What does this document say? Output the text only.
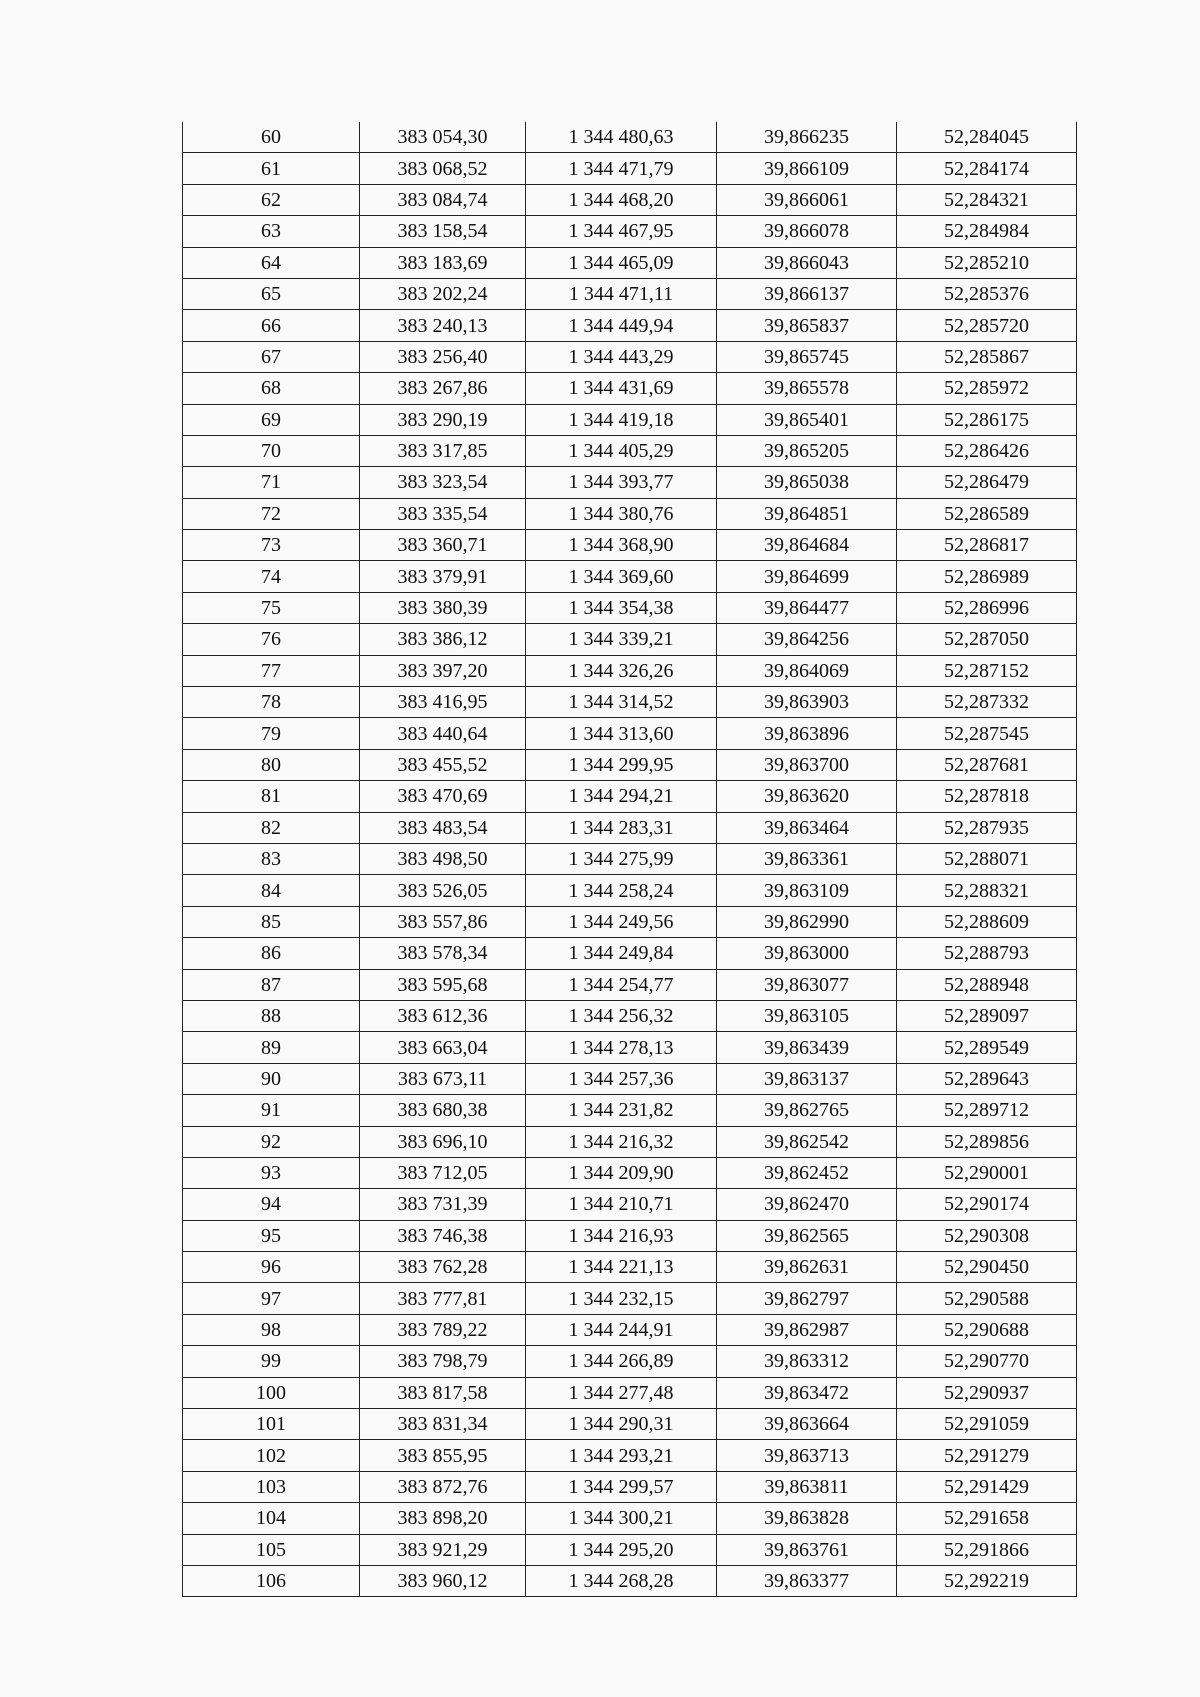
60	383 054,30	1 344 480,63	39,866235	52,284045
61	383 068,52	1 344 471,79	39,866109	52,284174
62	383 084,74	1 344 468,20	39,866061	52,284321
63	383 158,54	1 344 467,95	39,866078	52,284984
64	383 183,69	1 344 465,09	39,866043	52,285210
65	383 202,24	1 344 471,11	39,866137	52,285376
66	383 240,13	1 344 449,94	39,865837	52,285720
67	383 256,40	1 344 443,29	39,865745	52,285867
68	383 267,86	1 344 431,69	39,865578	52,285972
69	383 290,19	1 344 419,18	39,865401	52,286175
70	383 317,85	1 344 405,29	39,865205	52,286426
71	383 323,54	1 344 393,77	39,865038	52,286479
72	383 335,54	1 344 380,76	39,864851	52,286589
73	383 360,71	1 344 368,90	39,864684	52,286817
74	383 379,91	1 344 369,60	39,864699	52,286989
75	383 380,39	1 344 354,38	39,864477	52,286996
76	383 386,12	1 344 339,21	39,864256	52,287050
77	383 397,20	1 344 326,26	39,864069	52,287152
78	383 416,95	1 344 314,52	39,863903	52,287332
79	383 440,64	1 344 313,60	39,863896	52,287545
80	383 455,52	1 344 299,95	39,863700	52,287681
81	383 470,69	1 344 294,21	39,863620	52,287818
82	383 483,54	1 344 283,31	39,863464	52,287935
83	383 498,50	1 344 275,99	39,863361	52,288071
84	383 526,05	1 344 258,24	39,863109	52,288321
85	383 557,86	1 344 249,56	39,862990	52,288609
86	383 578,34	1 344 249,84	39,863000	52,288793
87	383 595,68	1 344 254,77	39,863077	52,288948
88	383 612,36	1 344 256,32	39,863105	52,289097
89	383 663,04	1 344 278,13	39,863439	52,289549
90	383 673,11	1 344 257,36	39,863137	52,289643
91	383 680,38	1 344 231,82	39,862765	52,289712
92	383 696,10	1 344 216,32	39,862542	52,289856
93	383 712,05	1 344 209,90	39,862452	52,290001
94	383 731,39	1 344 210,71	39,862470	52,290174
95	383 746,38	1 344 216,93	39,862565	52,290308
96	383 762,28	1 344 221,13	39,862631	52,290450
97	383 777,81	1 344 232,15	39,862797	52,290588
98	383 789,22	1 344 244,91	39,862987	52,290688
99	383 798,79	1 344 266,89	39,863312	52,290770
100	383 817,58	1 344 277,48	39,863472	52,290937
101	383 831,34	1 344 290,31	39,863664	52,291059
102	383 855,95	1 344 293,21	39,863713	52,291279
103	383 872,76	1 344 299,57	39,863811	52,291429
104	383 898,20	1 344 300,21	39,863828	52,291658
105	383 921,29	1 344 295,20	39,863761	52,291866
106	383 960,12	1 344 268,28	39,863377	52,292219
